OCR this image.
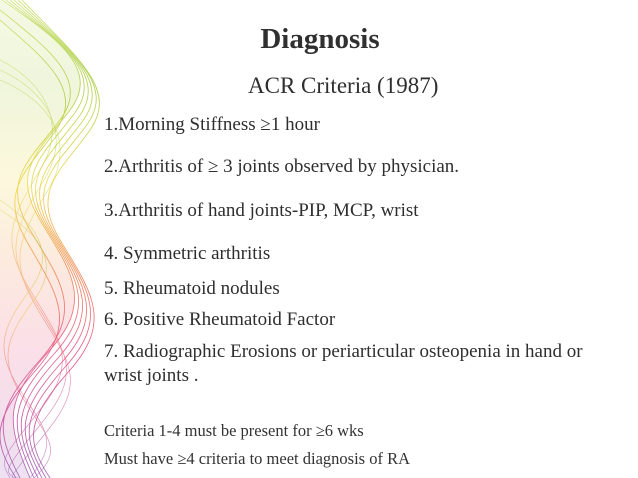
Diagnosis
ACR Criteria (1987)
1.Morning Stiffness ≥1 hour
2.Arthritis of ≥ 3 joints observed by physician.
3.Arthritis of hand joints-PIP, MCP, wrist
4. Symmetric arthritis
5. Rheumatoid nodules
6. Positive Rheumatoid Factor
7. Radiographic Erosions or periarticular osteopenia in hand or wrist joints .
Criteria 1-4 must be present for ≥6 wks
Must have ≥4 criteria to meet diagnosis of RA
